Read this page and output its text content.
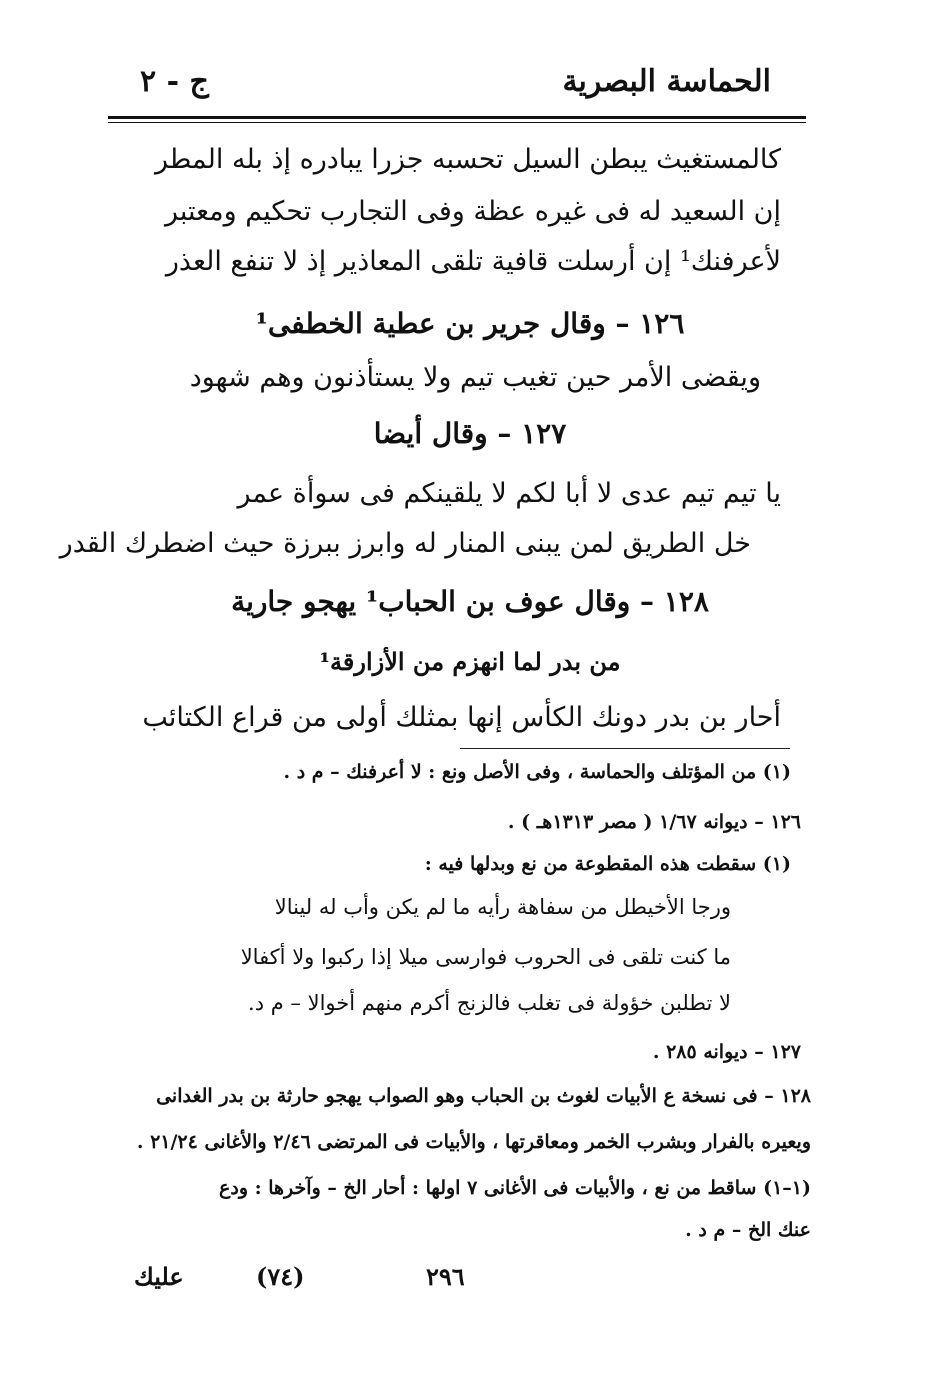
الحماسة البصرية
ج - ٢
كالمستغيث يبطن السيل تحسبه جزرا يبادره إذ بله المطر
إن السعيد له فى غيره عظة وفى التجارب تحكيم ومعتبر
لأعرفنك¹ إن أرسلت قافية تلقى المعاذير إذ لا تنفع العذر
١٢٦ – وقال جرير بن عطية الخطفى¹
ويقضى الأمر حين تغيب تيم ولا يستأذنون وهم شهود
١٢٧ – وقال أيضا
يا تيم تيم عدى لا أبا لكم لا يلقينكم فى سوأة عمر
خل الطريق لمن يبنى المنار له وابرز ببرزة حيث اضطرك القدر
١٢٨ – وقال عوف بن الحباب¹ يهجو جارية
من بدر لما انهزم من الأزارقة¹
أحار بن بدر دونك الكأس إنها بمثلك أولى من قراع الكتائب
(١) من المؤتلف والحماسة ، وفى الأصل ونع : لا أعرفنك – م د .
١٢٦ – ديوانه ١/٦٧ ( مصر ١٣١٣هـ ) .
(١) سقطت هذه المقطوعة من نع وبدلها فيه :
ورجا الأخيطل من سفاهة رأيه ما لم يكن وأب له لينالا
ما كنت تلقى فى الحروب فوارسى ميلا إذا ركبوا ولا أكفالا
لا تطلبن خؤولة فى تغلب فالزنج أكرم منهم أخوالا – م د.
١٢٧ – ديوانه ٢٨٥ .
١٢٨ – فى نسخة ع الأبيات لغوث بن الحباب وهو الصواب يهجو حارثة بن بدر الغدانى
ويعيره بالفرار وبشرب الخمر ومعاقرتها ، والأبيات فى المرتضى ٢/٤٦ والأغانى ٢١/٢٤ .
(١–١) ساقط من نع ، والأبيات فى الأغانى ٧ اولها : أحار الخ – وآخرها : ودع
عنك الخ – م د .
٢٩٦
(٧٤)
عليك
